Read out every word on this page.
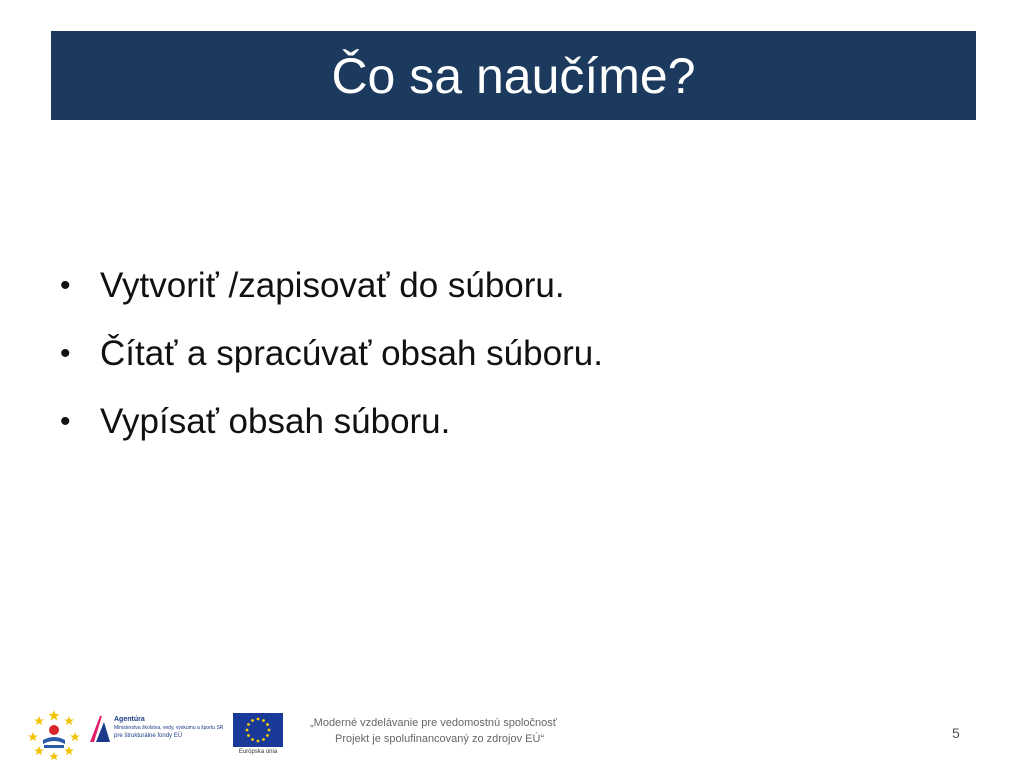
Čo sa naučíme?
• Vytvoriť /zapisovať do súboru.
• Čítať a spracúvať obsah súboru.
• Vypísať obsah súboru.
Agentúra
Ministerstva školstva, vedy, výskumu a športu SR
pre štrukturálne fondy EÚ
Európska únia
„Moderné vzdelávanie pre vedomostnú spoločnosť
Projekt je spolufinancovaný zo zdrojov EÚ“	5
